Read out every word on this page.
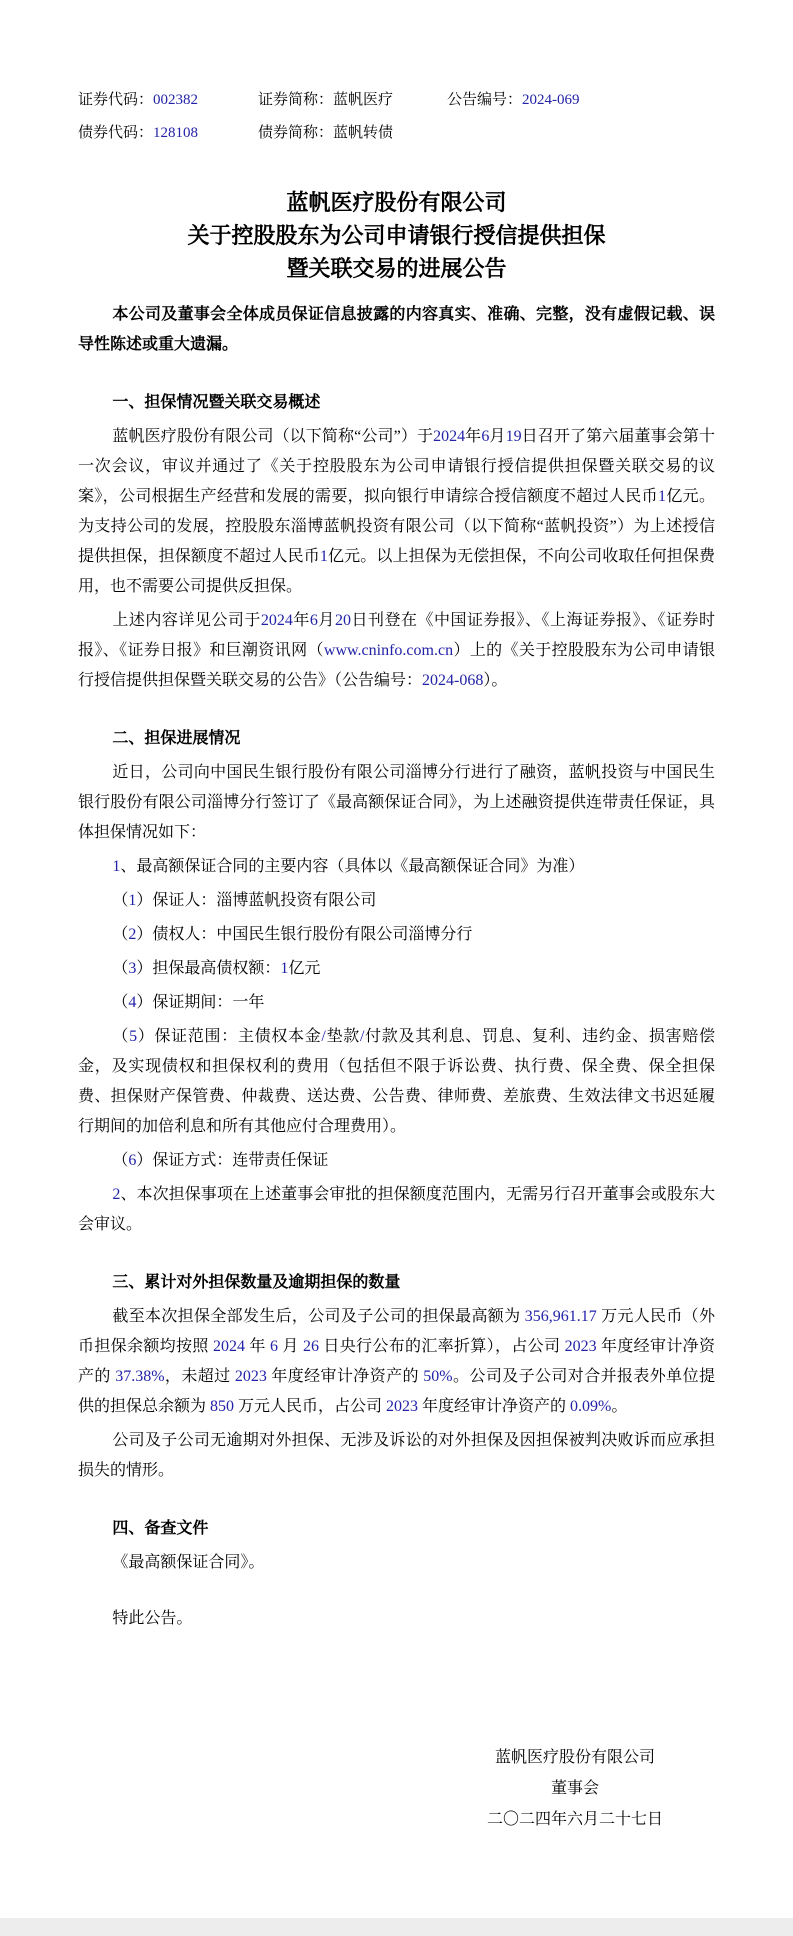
证券代码：002382	证券简称：蓝帆医疗	公告编号：2024-069
债券代码：128108	债券简称：蓝帆转债
蓝帆医疗股份有限公司
关于控股股东为公司申请银行授信提供担保
暨关联交易的进展公告

本公司及董事会全体成员保证信息披露的内容真实、准确、完整，没有虚假记载、误导性陈述或重大遗漏。

一、担保情况暨关联交易概述

蓝帆医疗股份有限公司（以下简称“公司”）于2024年6月19日召开了第六届董事会第十一次会议，审议并通过了《关于控股股东为公司申请银行授信提供担保暨关联交易的议案》，公司根据生产经营和发展的需要，拟向银行申请综合授信额度不超过人民币1亿元。为支持公司的发展，控股股东淄博蓝帆投资有限公司（以下简称“蓝帆投资”）为上述授信提供担保，担保额度不超过人民币1亿元。以上担保为无偿担保，不向公司收取任何担保费用，也不需要公司提供反担保。

上述内容详见公司于2024年6月20日刊登在《中国证券报》、《上海证券报》、《证券时报》、《证券日报》和巨潮资讯网（www.cninfo.com.cn）上的《关于控股股东为公司申请银行授信提供担保暨关联交易的公告》（公告编号：2024-068）。

二、担保进展情况

近日，公司向中国民生银行股份有限公司淄博分行进行了融资，蓝帆投资与中国民生银行股份有限公司淄博分行签订了《最高额保证合同》，为上述融资提供连带责任保证，具体担保情况如下：

1、最高额保证合同的主要内容（具体以《最高额保证合同》为准）

（1）保证人：淄博蓝帆投资有限公司

（2）债权人：中国民生银行股份有限公司淄博分行

（3）担保最高债权额：1亿元

（4）保证期间：一年

（5）保证范围：主债权本金/垫款/付款及其利息、罚息、复利、违约金、损害赔偿金，及实现债权和担保权利的费用（包括但不限于诉讼费、执行费、保全费、保全担保费、担保财产保管费、仲裁费、送达费、公告费、律师费、差旅费、生效法律文书迟延履行期间的加倍利息和所有其他应付合理费用）。

（6）保证方式：连带责任保证

2、本次担保事项在上述董事会审批的担保额度范围内，无需另行召开董事会或股东大会审议。

三、累计对外担保数量及逾期担保的数量

截至本次担保全部发生后，公司及子公司的担保最高额为 356,961.17 万元人民币（外币担保余额均按照 2024 年 6 月 26 日央行公布的汇率折算），占公司 2023 年度经审计净资产的 37.38%，未超过 2023 年度经审计净资产的 50%。公司及子公司对合并报表外单位提供的担保总余额为 850 万元人民币，占公司 2023 年度经审计净资产的 0.09%。

公司及子公司无逾期对外担保、无涉及诉讼的对外担保及因担保被判决败诉而应承担损失的情形。

四、备查文件

《最高额保证合同》。

特此公告。

蓝帆医疗股份有限公司
董事会
二〇二四年六月二十七日
